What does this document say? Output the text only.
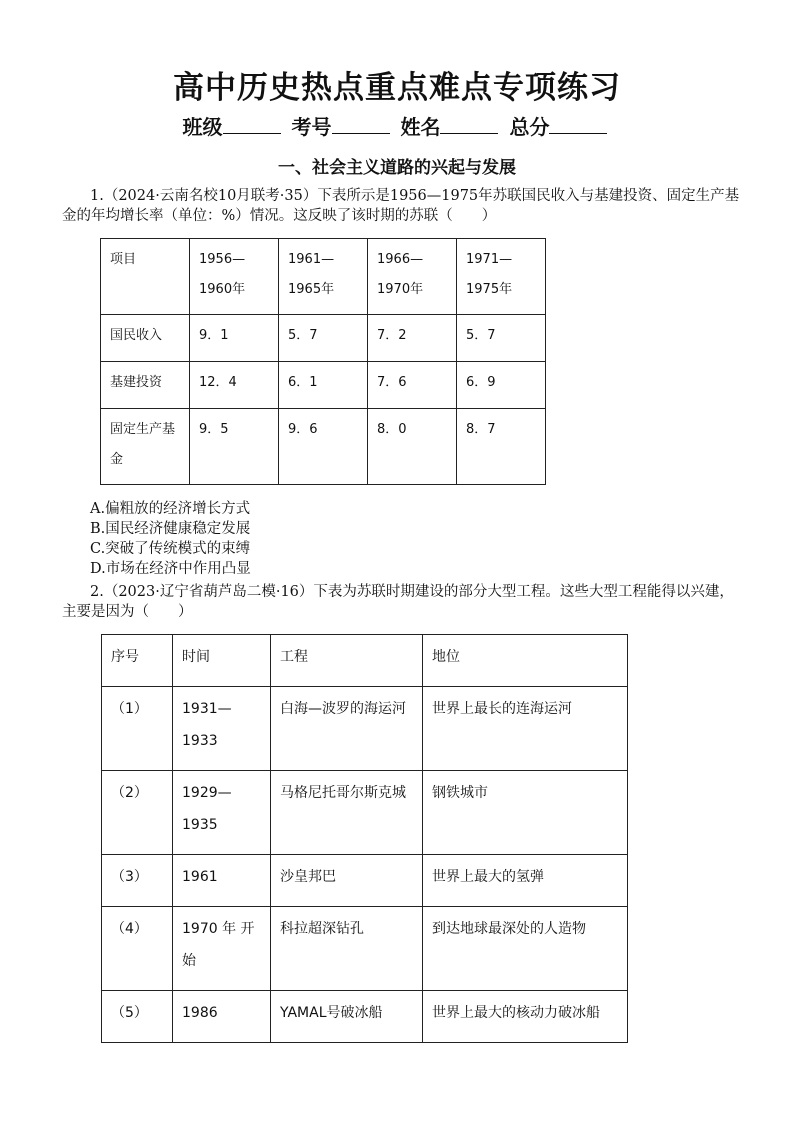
高中历史热点重点难点专项练习
班级	考号	姓名	总分
一、社会主义道路的兴起与发展
1.（2024·云南名校10月联考·35）下表所示是1956—1975年苏联国民收入与基建投资、固定生产基金的年均增长率（单位：%）情况。这反映了该时期的苏联（　　）
项目	1956—1960年	1961—1965年	1966—1970年	1971—1975年
国民收入	9．1	5．7	7．2	5．7
基建投资	12．4	6．1	7．6	6．9
固定生产基金	9．5	9．6	8．0	8．7
A.偏粗放的经济增长方式
B.国民经济健康稳定发展
C.突破了传统模式的束缚
D.市场在经济中作用凸显
2.（2023·辽宁省葫芦岛二模·16）下表为苏联时期建设的部分大型工程。这些大型工程能得以兴建，主要是因为（　　）
序号	时间	工程	地位
（1）	1931—1933	白海—波罗的海运河	世界上最长的连海运河
（2）	1929—1935	马格尼托哥尔斯克城	钢铁城市
（3）	1961	沙皇邦巴	世界上最大的氢弹
（4）	1970 年 开始	科拉超深钻孔	到达地球最深处的人造物
（5）	1986	YAMAL号破冰船	世界上最大的核动力破冰船
